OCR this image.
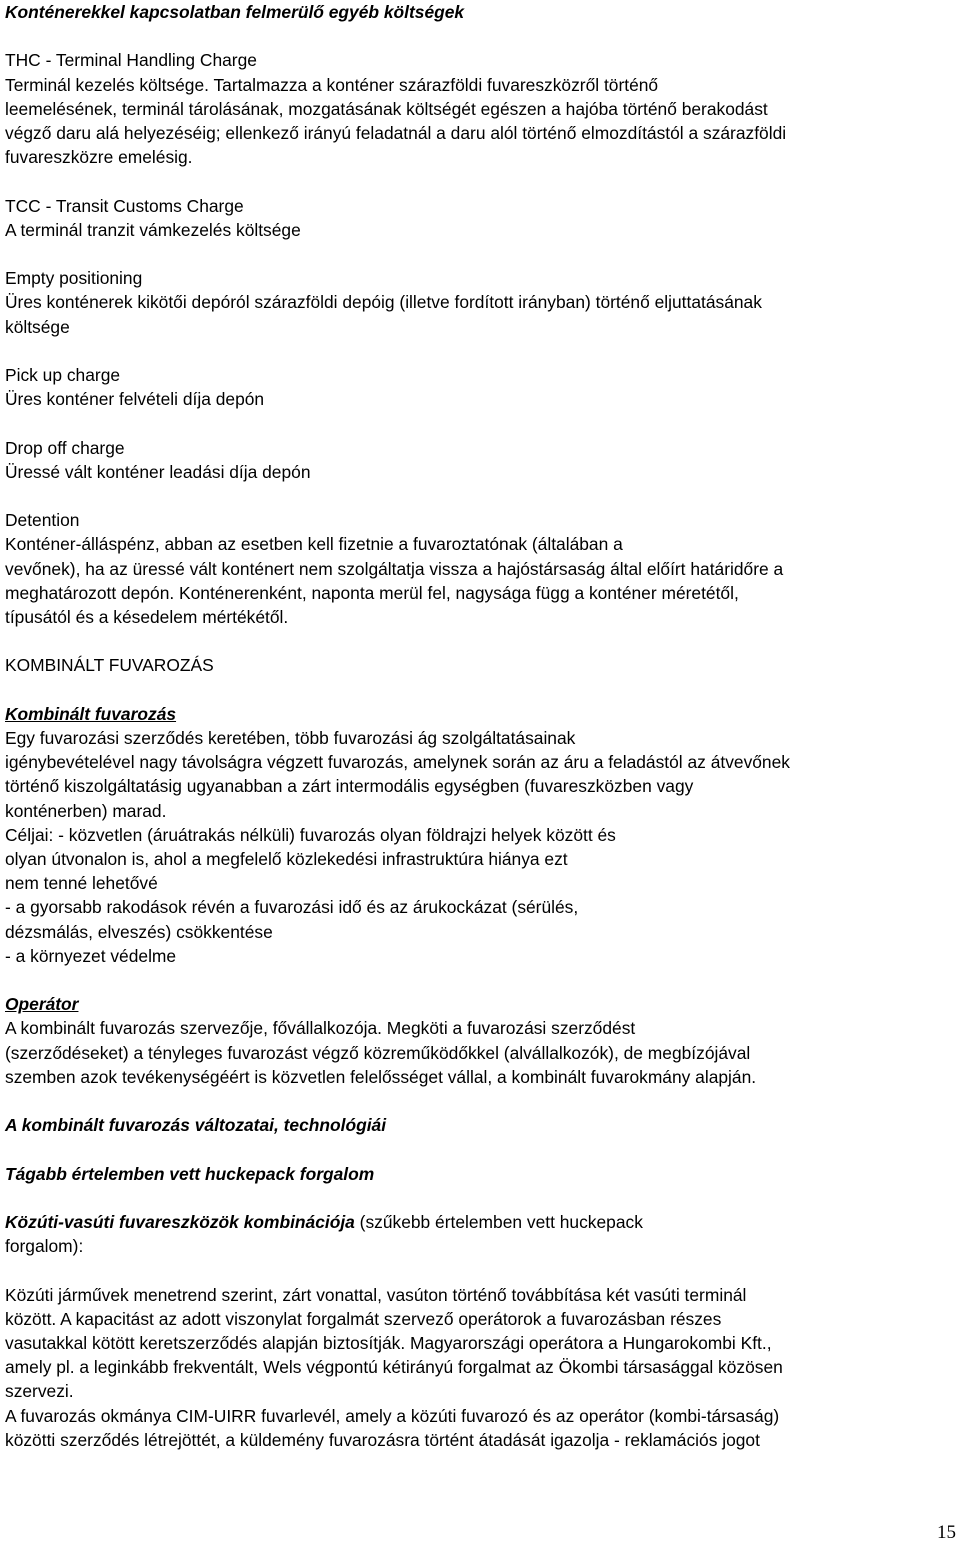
Konténerekkel kapcsolatban felmerülő egyéb költségek
THC - Terminal Handling Charge
Terminál kezelés költsége. Tartalmazza a konténer szárazföldi fuvareszközről történő
leemelésének, terminál tárolásának, mozgatásának költségét egészen a hajóba történő berakodást
végző daru alá helyezéséig; ellenkező irányú feladatnál a daru alól történő elmozdítástól a szárazföldi
fuvareszközre emelésig.
TCC - Transit Customs Charge
A terminál tranzit vámkezelés költsége
Empty positioning
Üres konténerek kikötői depóról szárazföldi depóig (illetve fordított irányban) történő eljuttatásának
költsége
Pick up charge
Üres konténer felvételi díja depón
Drop off charge
Üressé vált konténer leadási díja depón
Detention
Konténer-álláspénz, abban az esetben kell fizetnie a fuvaroztatónak (általában a
vevőnek), ha az üressé vált konténert nem szolgáltatja vissza a hajóstársaság által előírt határidőre a
meghatározott depón. Konténerenként, naponta merül fel, nagysága függ a konténer méretétől,
típusától és a késedelem mértékétől.
KOMBINÁLT FUVAROZÁS
Kombinált fuvarozás
Egy fuvarozási szerződés keretében, több fuvarozási ág szolgáltatásainak
igénybevételével nagy távolságra végzett fuvarozás, amelynek során az áru a feladástól az átvevőnek
történő kiszolgáltatásig ugyanabban a zárt intermodális egységben (fuvareszközben vagy
konténerben) marad.
Céljai: - közvetlen (áruátrakás nélküli) fuvarozás olyan földrajzi helyek között és
olyan útvonalon is, ahol a megfelelő közlekedési infrastruktúra hiánya ezt
nem tenné lehetővé
- a gyorsabb rakodások révén a fuvarozási idő és az árukockázat (sérülés,
dézsmálás, elveszés) csökkentése
- a környezet védelme
Operátor
A kombinált fuvarozás szervezője, fővállalkozója. Megköti a fuvarozási szerződést
(szerződéseket) a tényleges fuvarozást végző közreműködőkkel (alvállalkozók), de megbízójával
szemben azok tevékenységéért is közvetlen felelősséget vállal, a kombinált fuvarokmány alapján.
A kombinált fuvarozás változatai, technológiái
Tágabb értelemben vett huckepack forgalom
Közúti-vasúti fuvareszközök kombinációja (szűkebb értelemben vett huckepack
forgalom):
Közúti járművek menetrend szerint, zárt vonattal, vasúton történő továbbítása két vasúti terminál
között. A kapacitást az adott viszonylat forgalmát szervező operátorok a fuvarozásban részes
vasutakkal kötött keretszerződés alapján biztosítják. Magyarországi operátora a Hungarokombi Kft.,
amely pl. a leginkább frekventált, Wels végpontú kétirányú forgalmat az Ökombi társasággal közösen
szervezi.
A fuvarozás okmánya CIM-UIRR fuvarlevél, amely a közúti fuvarozó és az operátor (kombi-társaság)
közötti szerződés létrejöttét, a küldemény fuvarozásra történt átadását igazolja - reklamációs jogot
15
